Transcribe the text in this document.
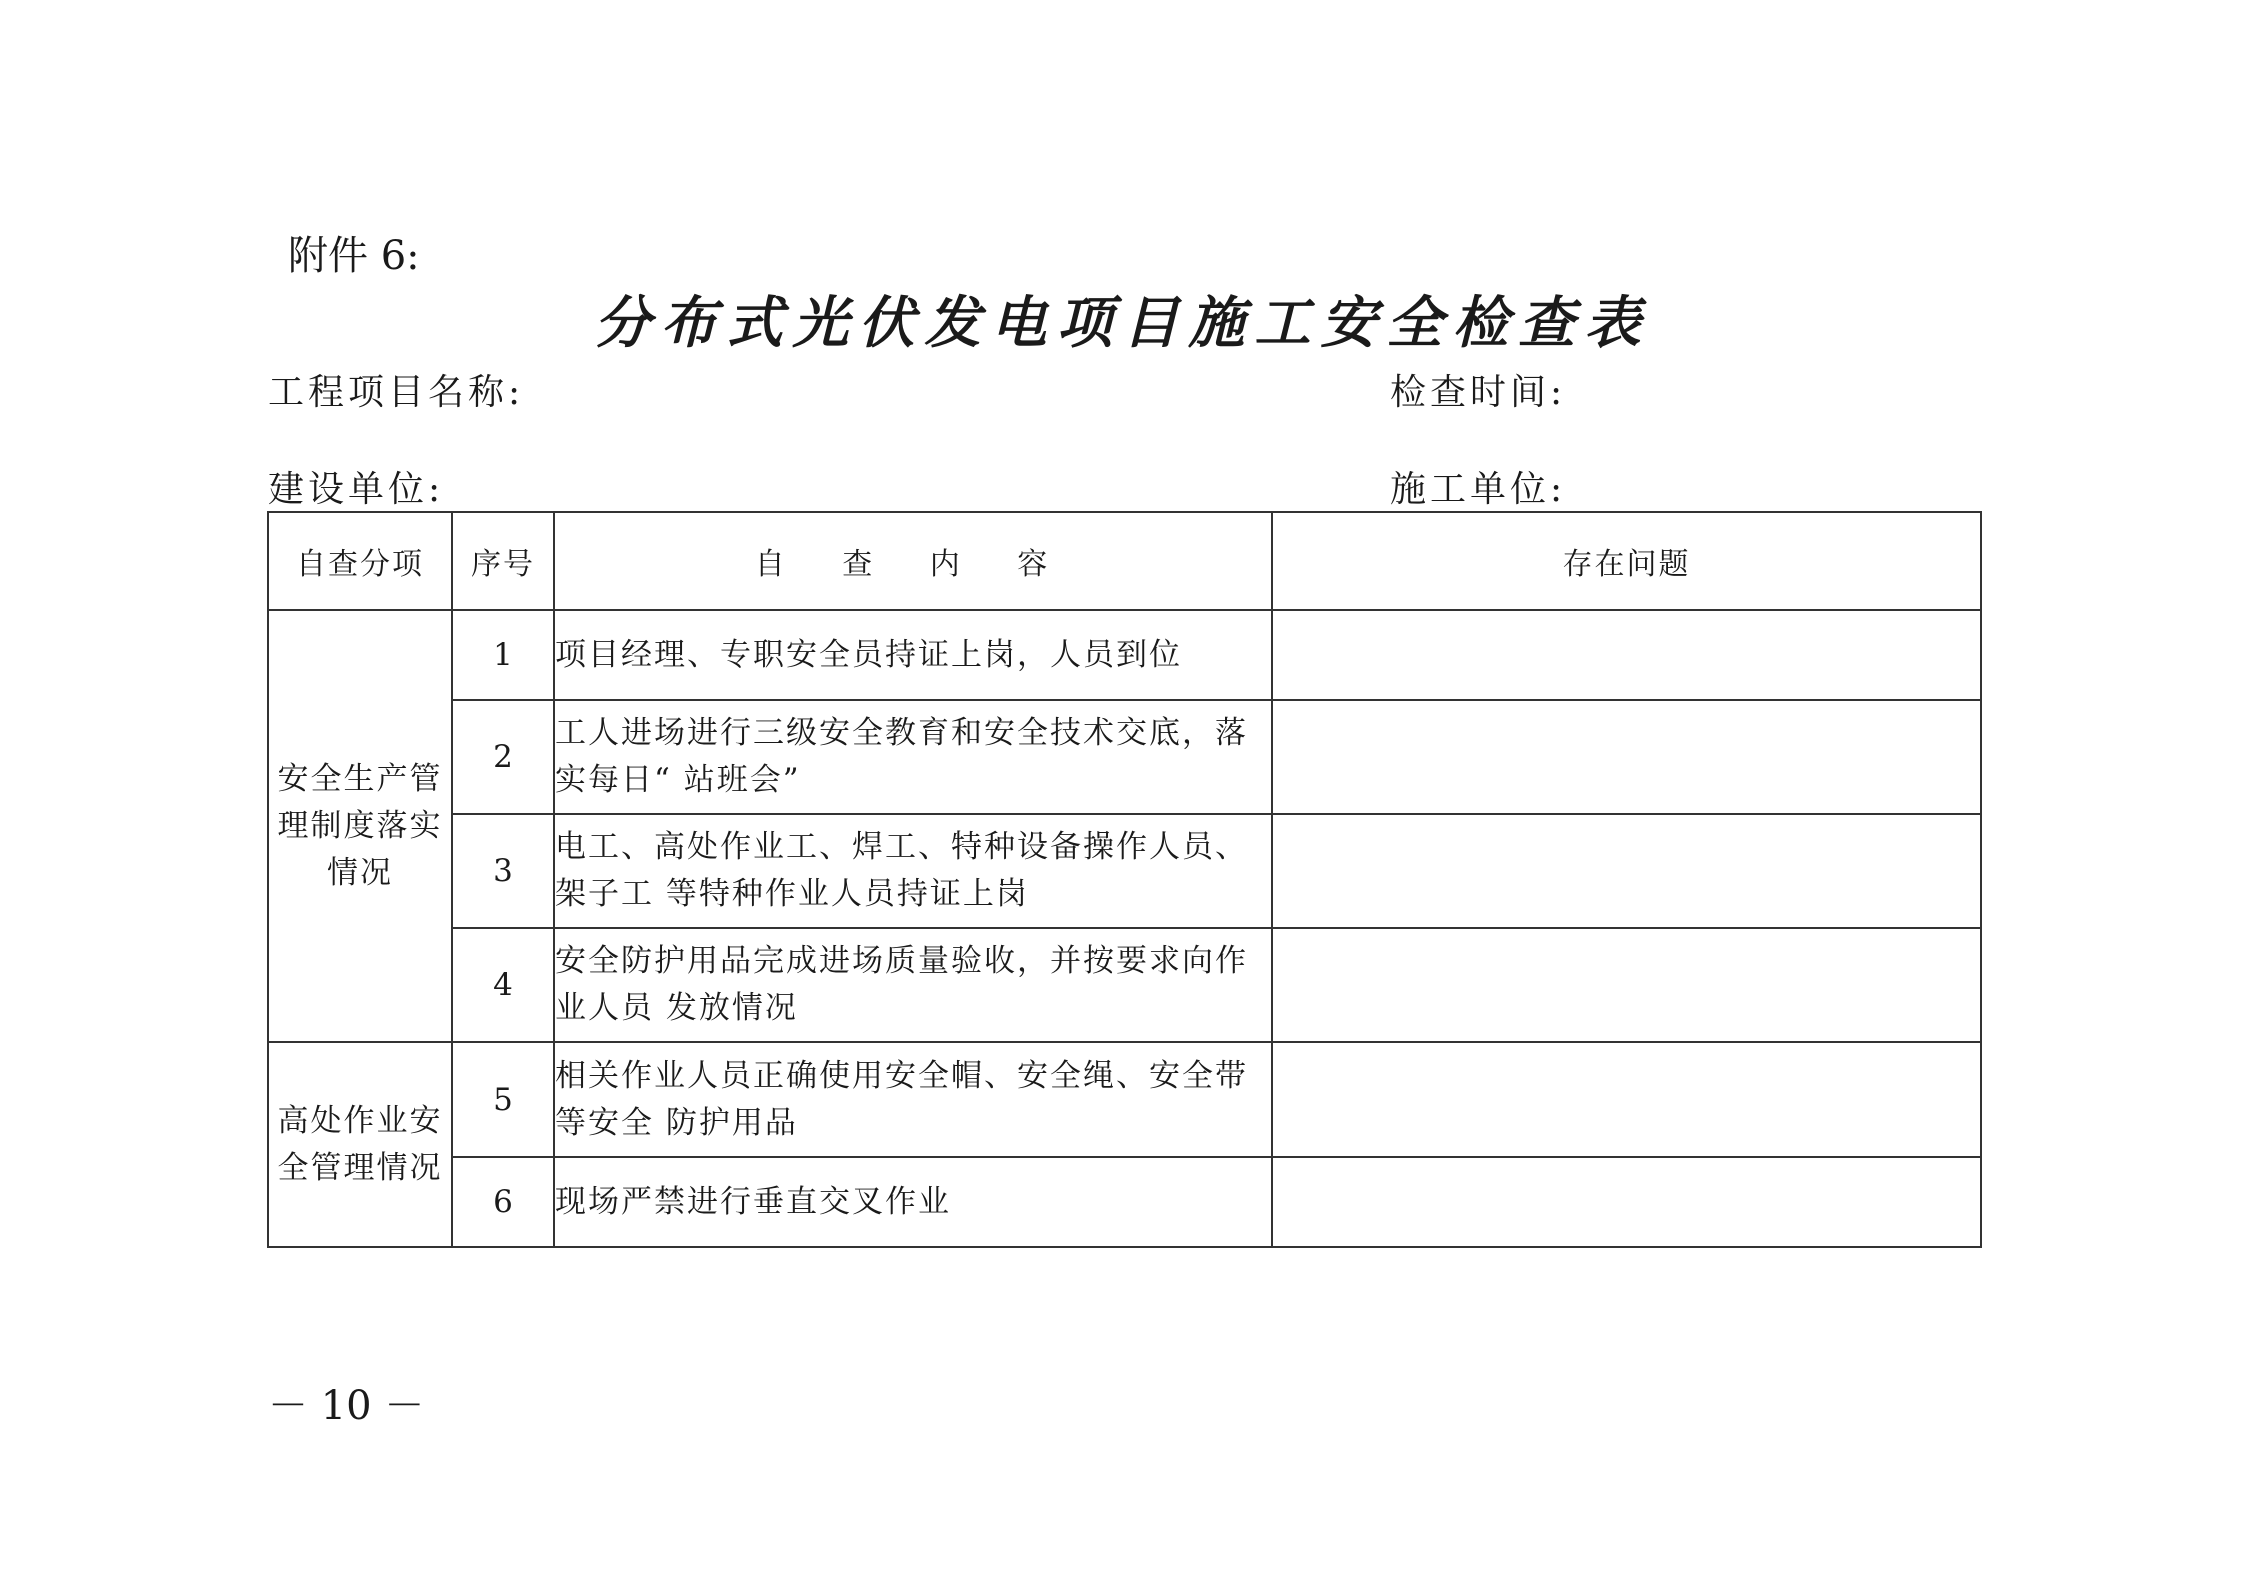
附件 6:
分布式光伏发电项目施工安全检查表
工程项目名称:	检查时间:
建设单位:	施工单位:
自查分项	序号	自 查 内 容	存在问题
安全生产管理制度落实情况	1	项目经理、专职安全员持证上岗，人员到位	
	2	工人进场进行三级安全教育和安全技术交底，落实每日“ 站班会”	
	3	电工、高处作业工、焊工、特种设备操作人员、架子工 等特种作业人员持证上岗	
	4	安全防护用品完成进场质量验收，并按要求向作业人员 发放情况	
高处作业安全管理情况	5	相关作业人员正确使用安全帽、安全绳、安全带等安全 防护用品	
	6	现场严禁进行垂直交叉作业	
－ 10 －
